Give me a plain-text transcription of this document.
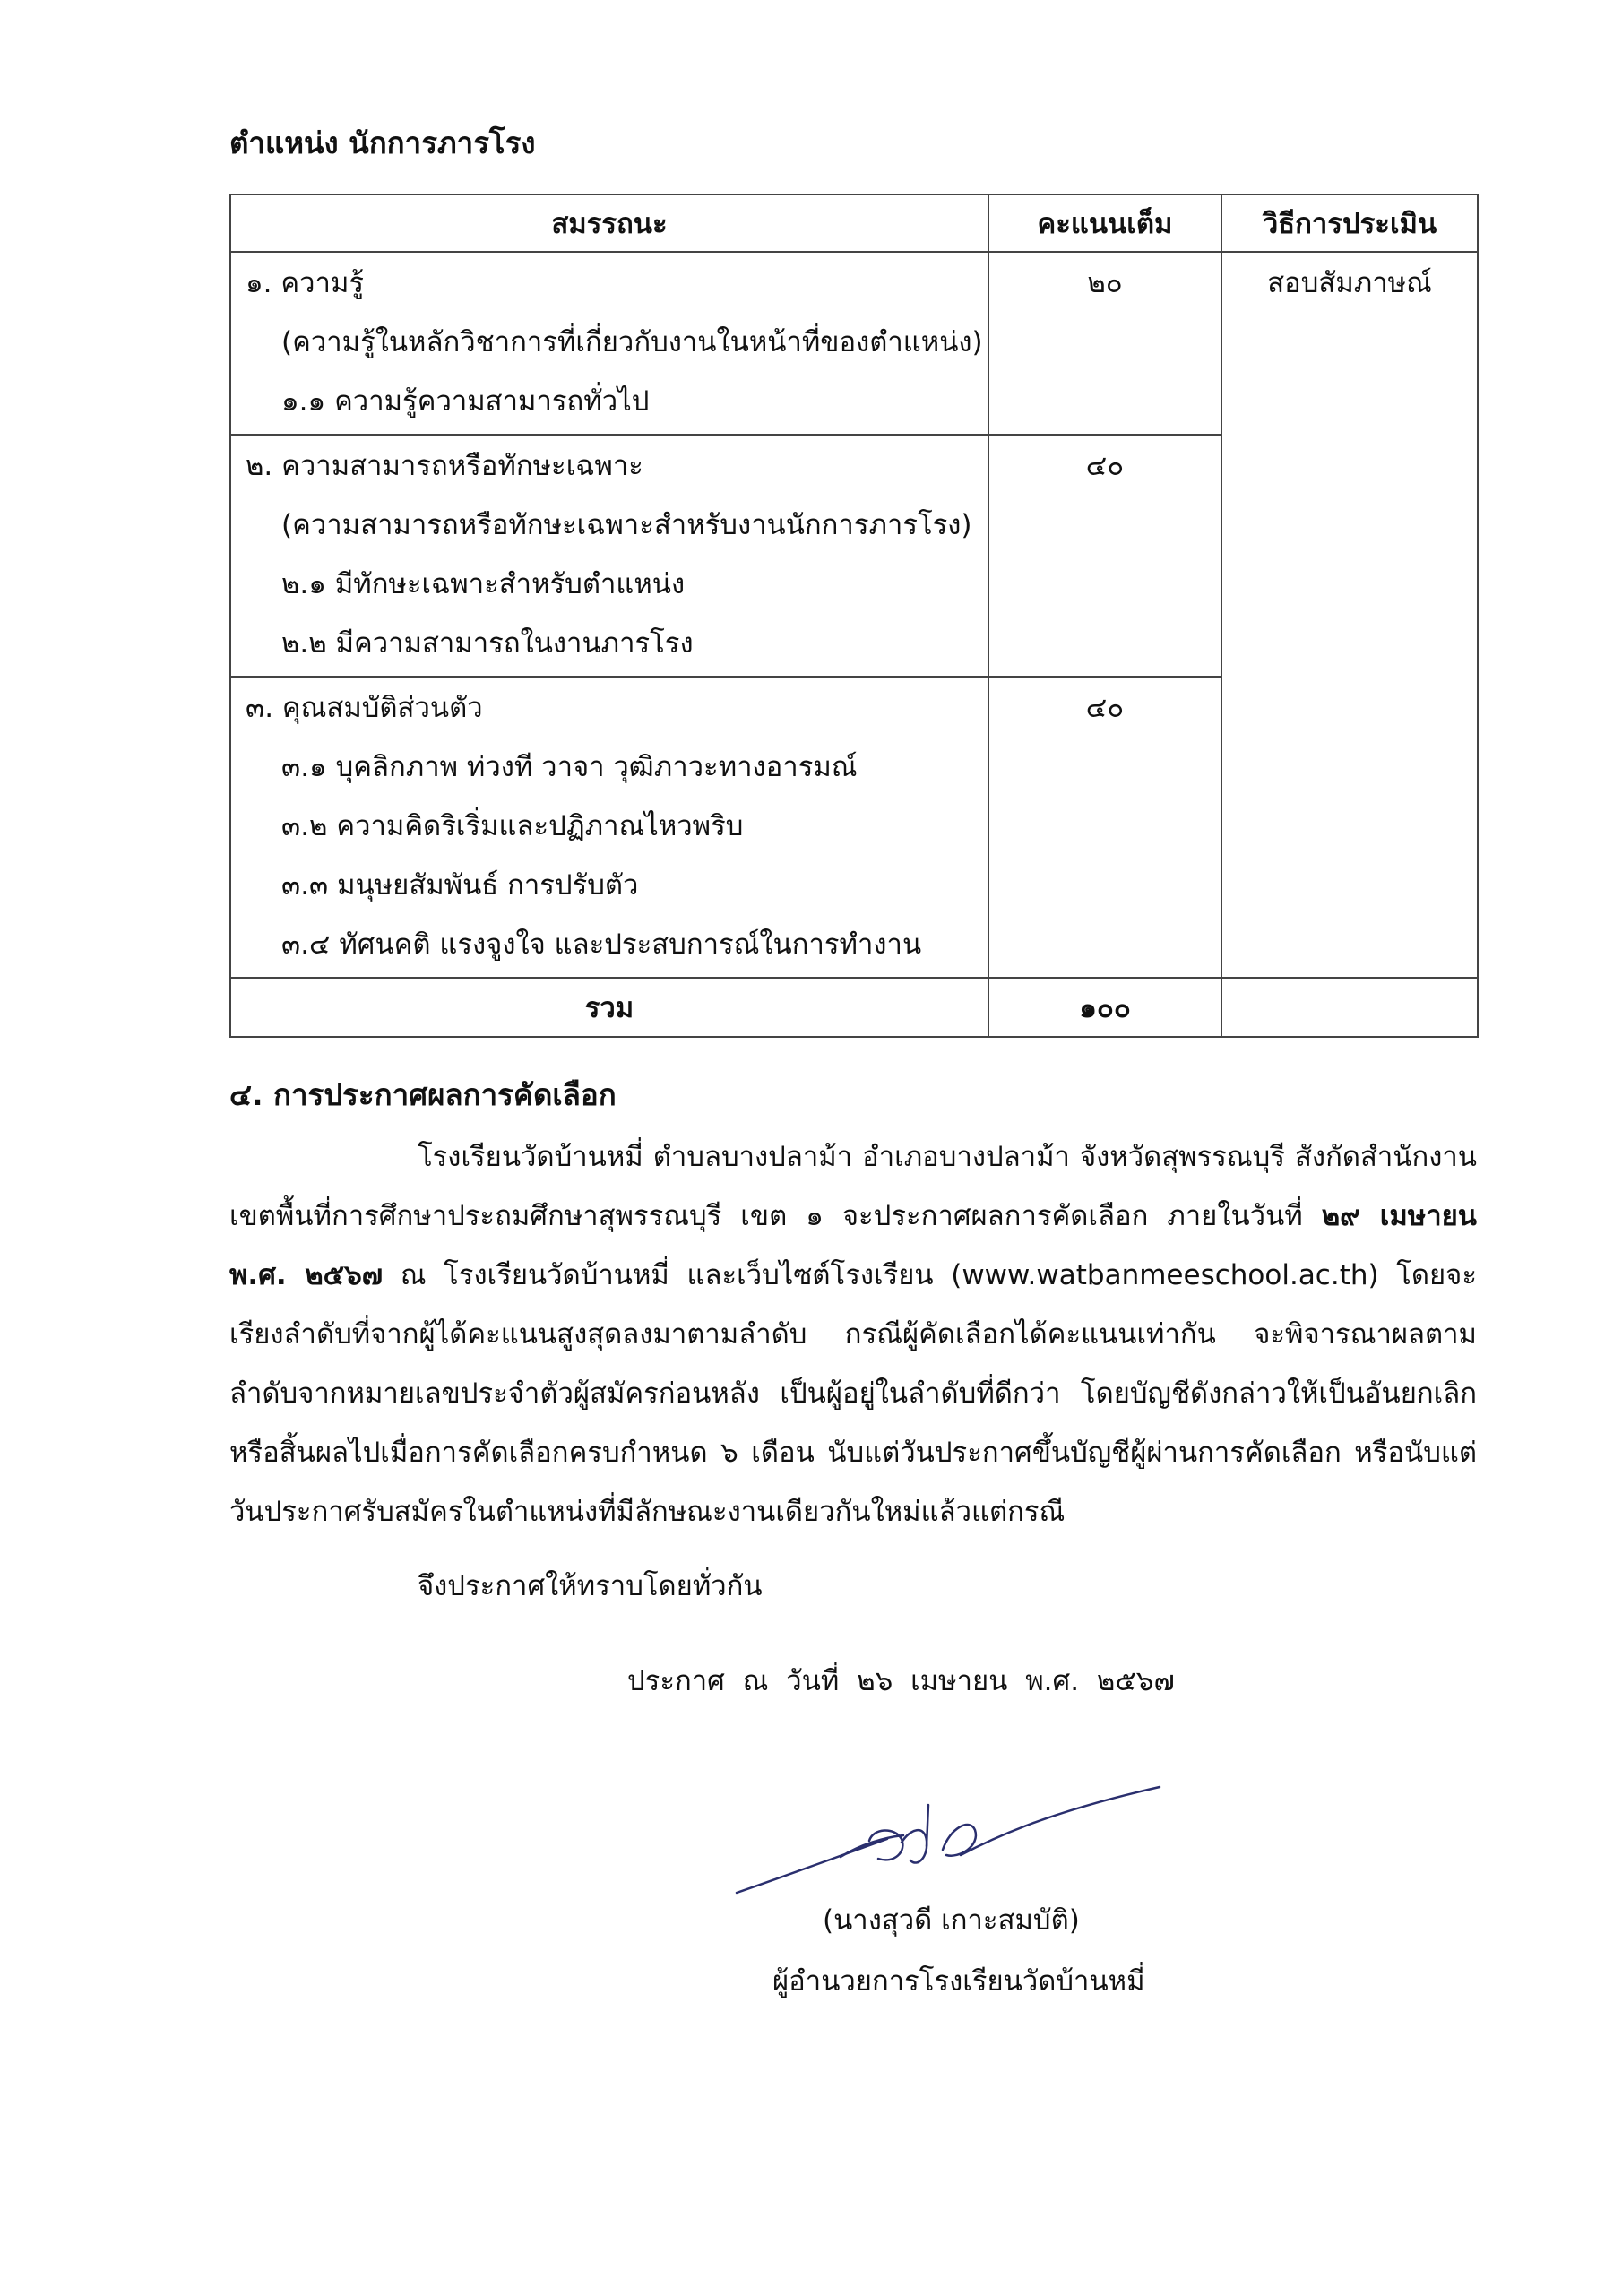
ตำแหน่ง นักการภารโรง
สมรรถนะ	คะแนนเต็ม	วิธีการประเมิน

๑. ความรู้
(ความรู้ในหลักวิชาการที่เกี่ยวกับงานในหน้าที่ของตำแหน่ง)
๑.๑ ความรู้ความสามารถทั่วไป	๒๐	สอบสัมภาษณ์

๒. ความสามารถหรือทักษะเฉพาะ
(ความสามารถหรือทักษะเฉพาะสำหรับงานนักการภารโรง)
๒.๑ มีทักษะเฉพาะสำหรับตำแหน่ง
๒.๒ มีความสามารถในงานภารโรง	๔๐	

๓. คุณสมบัติส่วนตัว
๓.๑ บุคลิกภาพ ท่วงที วาจา วุฒิภาวะทางอารมณ์
๓.๒ ความคิดริเริ่มและปฏิภาณไหวพริบ
๓.๓ มนุษยสัมพันธ์ การปรับตัว
๓.๔ ทัศนคติ แรงจูงใจ และประสบการณ์ในการทำงาน	๔๐	
รวม	๑๐๐	
๔. การประกาศผลการคัดเลือก
โรงเรียนวัดบ้านหมี่ ตำบลบางปลาม้า อำเภอบางปลาม้า จังหวัดสุพรรณบุรี สังกัดสำนักงานเขตพื้นที่การศึกษาประถมศึกษาสุพรรณบุรี เขต ๑ จะประกาศผลการคัดเลือก ภายในวันที่ ๒๙ เมษายน พ.ศ. ๒๕๖๗ ณ โรงเรียนวัดบ้านหมี่ และเว็บไซต์โรงเรียน (www.watbanmeeschool.ac.th) โดยจะเรียงลำดับที่จากผู้ได้คะแนนสูงสุดลงมาตามลำดับ กรณีผู้คัดเลือกได้คะแนนเท่ากัน จะพิจารณาผลตามลำดับจากหมายเลขประจำตัวผู้สมัครก่อนหลัง เป็นผู้อยู่ในลำดับที่ดีกว่า โดยบัญชีดังกล่าวให้เป็นอันยกเลิกหรือสิ้นผลไปเมื่อการคัดเลือกครบกำหนด ๖ เดือน นับแต่วันประกาศขึ้นบัญชีผู้ผ่านการคัดเลือก หรือนับแต่วันประกาศรับสมัครในตำแหน่งที่มีลักษณะงานเดียวกันใหม่แล้วแต่กรณี
จึงประกาศให้ทราบโดยทั่วกัน
ประกาศ ณ วันที่ ๒๖ เมษายน พ.ศ. ๒๕๖๗
(นางสุวดี เกาะสมบัติ)
ผู้อำนวยการโรงเรียนวัดบ้านหมี่
